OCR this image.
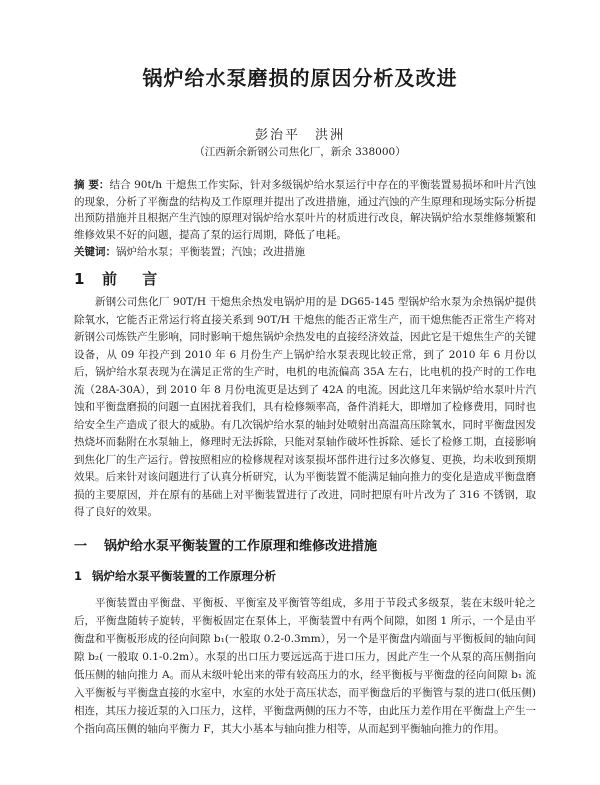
锅炉给水泵磨损的原因分析及改进
彭治平　洪洲
（江西新余新钢公司焦化厂，新余 338000）
摘 要：结合 90t/h 干熄焦工作实际，针对多级锅炉给水泵运行中存在的平衡装置易损坏和叶片汽蚀的现象，分析了平衡盘的结构及工作原理并提出了改进措施，通过汽蚀的产生原理和现场实际分析提出预防措施并且根据产生汽蚀的原理对锅炉给水泵叶片的材质进行改良，解决锅炉给水泵维修频繁和维修效果不好的问题，提高了泵的运行周期，降低了电耗。
关键词：锅炉给水泵；平衡装置；汽蚀；改进措施
1 前 言

新钢公司焦化厂 90T/H 干熄焦余热发电锅炉用的是 DG65-145 型锅炉给水泵为余热锅炉提供除氧水，它能否正常运行将直接关系到 90T/H 干熄焦的能否正常生产，而干熄焦能否正常生产将对新钢公司炼铁产生影响，同时影响干熄焦锅炉余热发电的直接经济效益，因此它是干熄焦生产的关键设备，从 09 年投产到 2010 年 6 月份生产上锅炉给水泵表现比较正常，到了 2010 年 6 月份以后，锅炉给水泵表现为在满足正常的生产时，电机的电流偏高 35A 左右，比电机的投产时的工作电流（28A-30A），到 2010 年 8 月份电流更是达到了 42A 的电流。因此这几年来锅炉给水泵叶片汽蚀和平衡盘磨损的问题一直困扰着我们，具有检修频率高，备件消耗大，即增加了检修费用，同时也给安全生产造成了很大的威胁。有几次锅炉给水泵的轴封处喷射出高温高压除氧水，同时平衡盘因发热烧坏而黏附在水泵轴上，修理时无法拆除，只能对泵轴作破坏性拆除、延长了检修工期，直接影响到焦化厂的生产运行。曾按照相应的检修规程对该泵损坏部件进行过多次修复、更换，均未收到预期效果。后来针对该问题进行了认真分析研究，认为平衡装置不能满足轴向推力的变化是造成平衡盘磨损的主要原因，并在原有的基础上对平衡装置进行了改进，同时把原有叶片改为了 316 不锈钢，取得了良好的效果。

一 锅炉给水泵平衡装置的工作原理和维修改进措施
1 锅炉给水泵平衡装置的工作原理分析

平衡装置由平衡盘、平衡板、平衡室及平衡管等组成，多用于节段式多级泵，装在末级叶轮之后，平衡盘随转子旋转，平衡板固定在泵体上，平衡装置中有两个间隙，如图 1 所示，一个是由平衡盘和平衡板形成的径向间隙 b₁(一般取 0.2-0.3mm），另一个是平衡盘内端面与平衡板间的轴向间隙 b₂( 一般取 0.1-0.2m）。水泵的出口压力要远远高于进口压力，因此产生一个从泵的高压侧指向低压侧的轴向推力 A。而从末级叶轮出来的带有较高压力的水，经平衡板与平衡盘的径向间隙 b₁ 流入平衡板与平衡盘直接的水室中，水室的水处于高压状态，而平衡盘后的平衡管与泵的进口(低压侧)相连，其压力接近泵的入口压力，这样，平衡盘两侧的压力不等，由此压力差作用在平衡盘上产生一个指向高压侧的轴向平衡力 F，其大小基本与轴向推力相等，从而起到平衡轴向推力的作用。
